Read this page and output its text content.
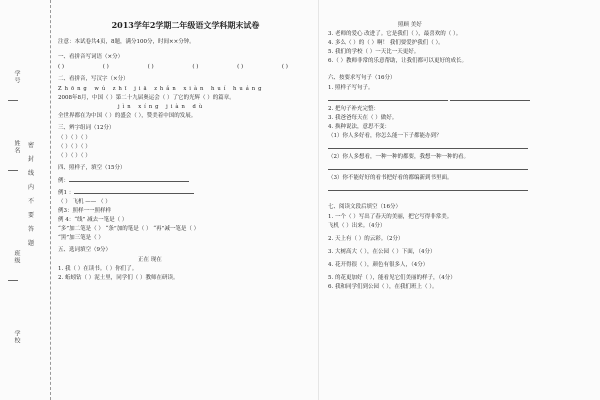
学号
姓名
班级
学校
密
封
线
内
不
要
答
题
2013学年2学期二年级语文学科期末试卷
注意：本试卷共4页，8题，满分100分，时间××分钟。
一、看拼音写词语（×分）
( )	( )	( )	( )	( )	( )
二、看拼音，写汉字（×分）
Zhōng wú zhī jiā zhǎn xiàn huí huáng
2008年8月，中国（ ）第二十九届奥运会（ ）了它的光辉（ ）的篇章。
jìn xíng jiàn dù
全世界都在为中国（ ）的盛会（ ），赞美着中国的发展。
三、辨字组词（12分）
（ ）（ ）（ ）
（ ）（ ）（ ）
（ ）（ ）（ ）
四、照样子，填空（15分）
例：
例1 ：
（ ） 飞机 —— （ ）
例3：照样一一照样样
例 4：“线” 减去一笔是（ ）
“多”加二笔是（ ） “条”加的笔是（ ） “再”减一笔是（ ）
“黑”加三笔是（ ）
五、选词填空（9分）
正在 现在
1. 我（ ）在读书。（ ）你们了。
2. 蚯蚓钻（ ）泥土里，同学们（ ）教师在研读。
照顾 美好
3. 老师的爱心 改进了。它是我们（ ），最喜欢的（ ）。
4. 多么（ ）的（ ）啊！ 我们要爱护我们（ ）。
5. 我们的学校（ ）一天比一天更好。
6.（ ）教师非常的乐意帮助，让我们都可以更好的成长。
六、按要求写句子（16分）
1. 照样子写句子。

2. 把句子补充完整：
3. 我爸爸每天在（ ）做好。
4. 换种说法，意思不变：
（1）你人多好看，你怎么能一下子都能办到？
（2）你人多想看，一种一种的都要，我想一种一种的看。
（3）你不能好好的看书把好看的都编新到书里面。
七、阅读文段后填空（16分）
1. 一个（ ）写出了春天的美丽，把它写得非常美。
飞机（ ）出来。（4分）
2. 天上有（ ）的云彩。（2分）
3. 大树高大（ ），在公园（ ）下面，（4分）
4. 花开得很（ ），颜色有很多人，（4分）
5. 的花更加好（ ），能看见它们美丽的样子，（4分）
6. 我和同学们到公园（ ），在我们班上（ ）。
